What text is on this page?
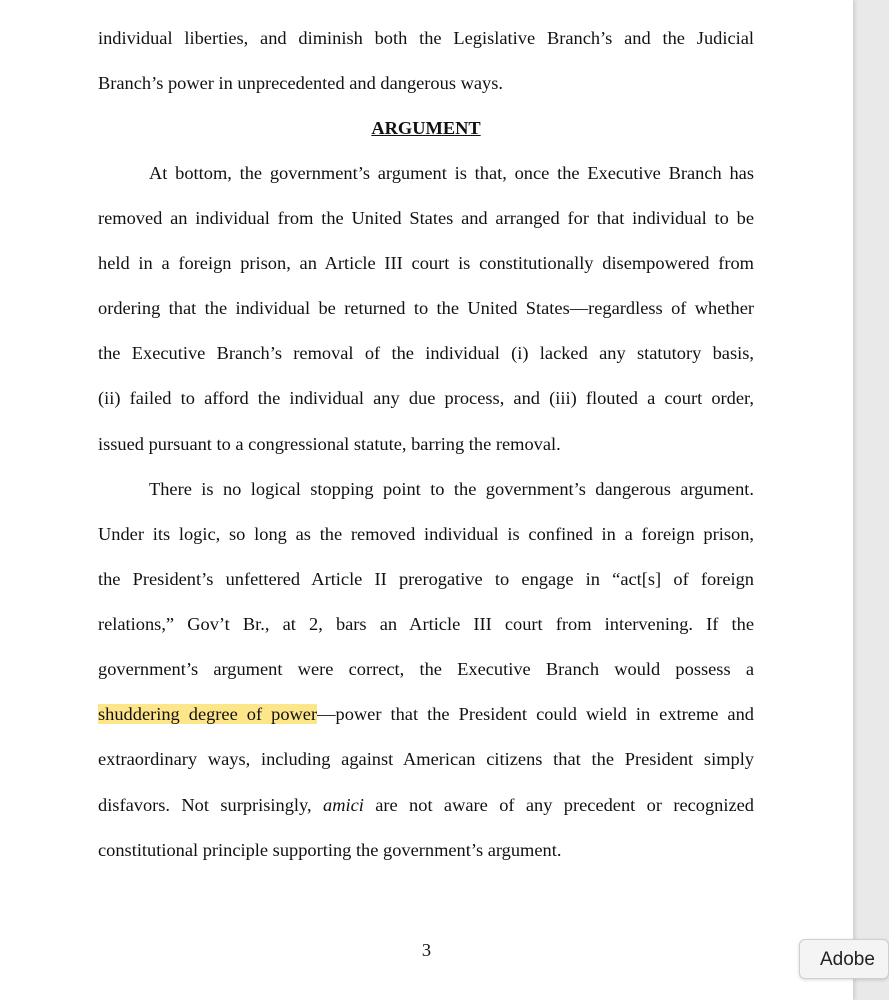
individual liberties, and diminish both the Legislative Branch’s and the Judicial
Branch’s power in unprecedented and dangerous ways.
ARGUMENT
At bottom, the government’s argument is that, once the Executive Branch has
removed an individual from the United States and arranged for that individual to be
held in a foreign prison, an Article III court is constitutionally disempowered from
ordering that the individual be returned to the United States—regardless of whether
the Executive Branch’s removal of the individual (i) lacked any statutory basis,
(ii) failed to afford the individual any due process, and (iii) flouted a court order,
issued pursuant to a congressional statute, barring the removal.
There is no logical stopping point to the government’s dangerous argument.
Under its logic, so long as the removed individual is confined in a foreign prison,
the President’s unfettered Article II prerogative to engage in “act[s] of foreign
relations,” Gov’t Br., at 2, bars an Article III court from intervening. If the
government’s argument were correct, the Executive Branch would possess a
shuddering degree of power—power that the President could wield in extreme and
extraordinary ways, including against American citizens that the President simply
disfavors. Not surprisingly, amici are not aware of any precedent or recognized
constitutional principle supporting the government’s argument.
3	Adobe
